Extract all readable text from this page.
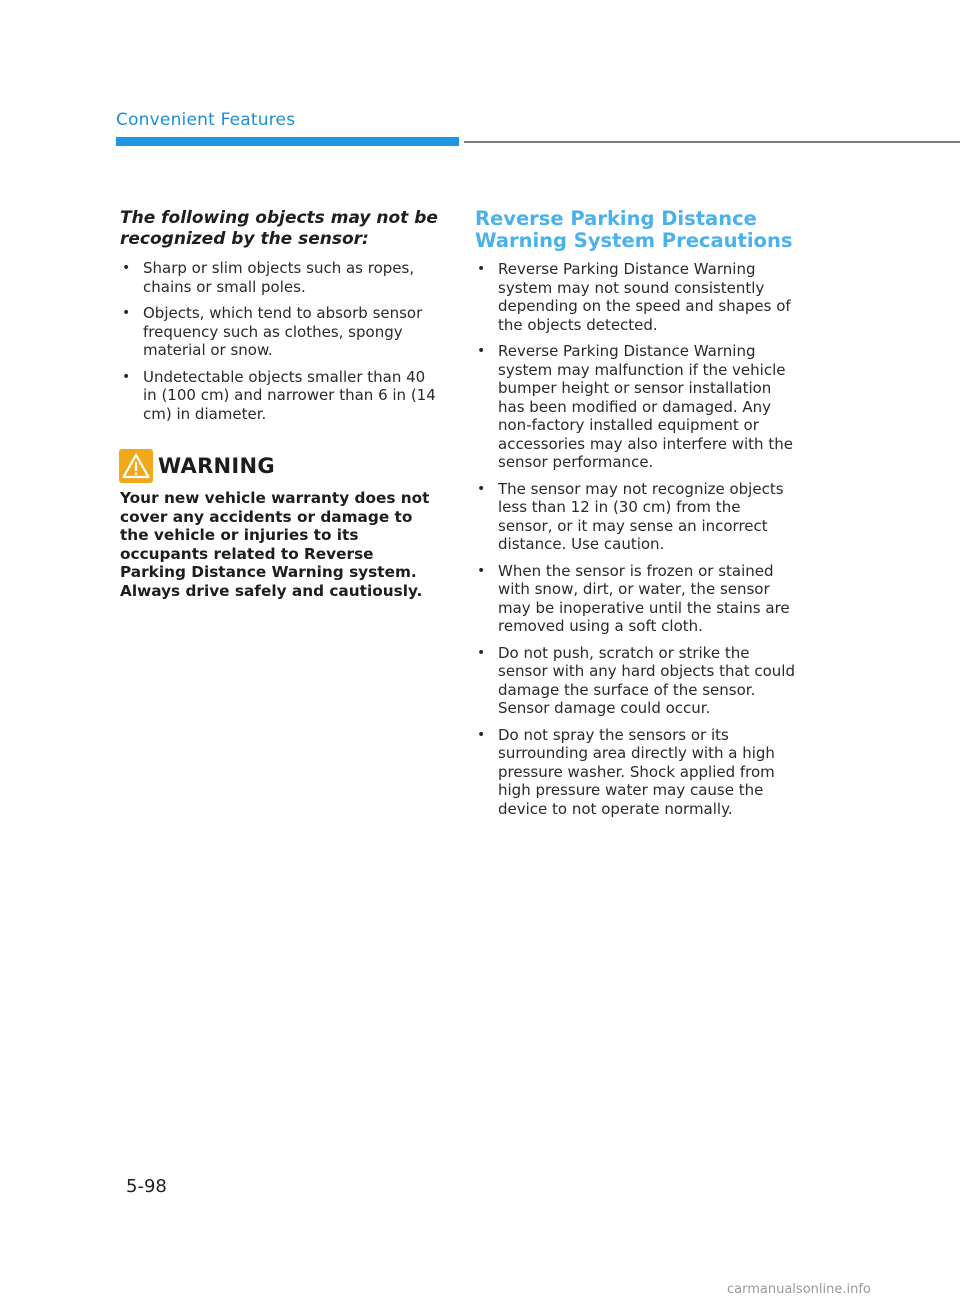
Convenient Features
The following objects may not be recognized by the sensor:
• Sharp or slim objects such as ropes, chains or small poles.
• Objects, which tend to absorb sensor frequency such as clothes, spongy material or snow.
• Undetectable objects smaller than 40 in (100 cm) and narrower than 6 in (14 cm) in diameter.
WARNING

Your new vehicle warranty does not cover any accidents or damage to the vehicle or injuries to its occupants related to Reverse Parking Distance Warning system. Always drive safely and cautiously.

Reverse Parking Distance Warning System Precautions
• Reverse Parking Distance Warning system may not sound consistently depending on the speed and shapes of the objects detected.
• Reverse Parking Distance Warning system may malfunction if the vehicle bumper height or sensor installation has been modified or damaged. Any non-factory installed equipment or accessories may also interfere with the sensor performance.
• The sensor may not recognize objects less than 12 in (30 cm) from the sensor, or it may sense an incorrect distance. Use caution.
• When the sensor is frozen or stained with snow, dirt, or water, the sensor may be inoperative until the stains are removed using a soft cloth.
• Do not push, scratch or strike the sensor with any hard objects that could damage the surface of the sensor. Sensor damage could occur.
• Do not spray the sensors or its surrounding area directly with a high pressure washer. Shock applied from high pressure water may cause the device to not operate normally.
5-98
carmanualsonline.info
